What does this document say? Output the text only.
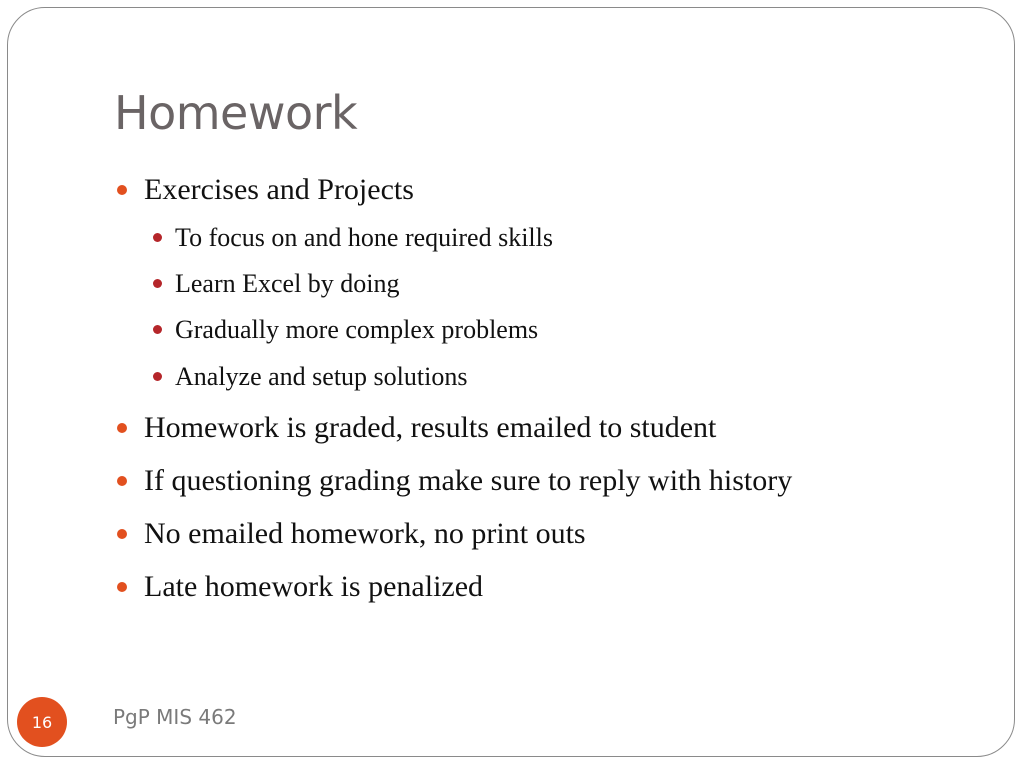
Homework
Exercises and Projects
To focus on and hone required skills
Learn Excel by doing
Gradually more complex problems
Analyze and setup solutions
Homework is graded, results emailed to student
If questioning grading make sure to reply with history
No emailed homework, no print outs
Late homework is penalized
16	PgP MIS 462
